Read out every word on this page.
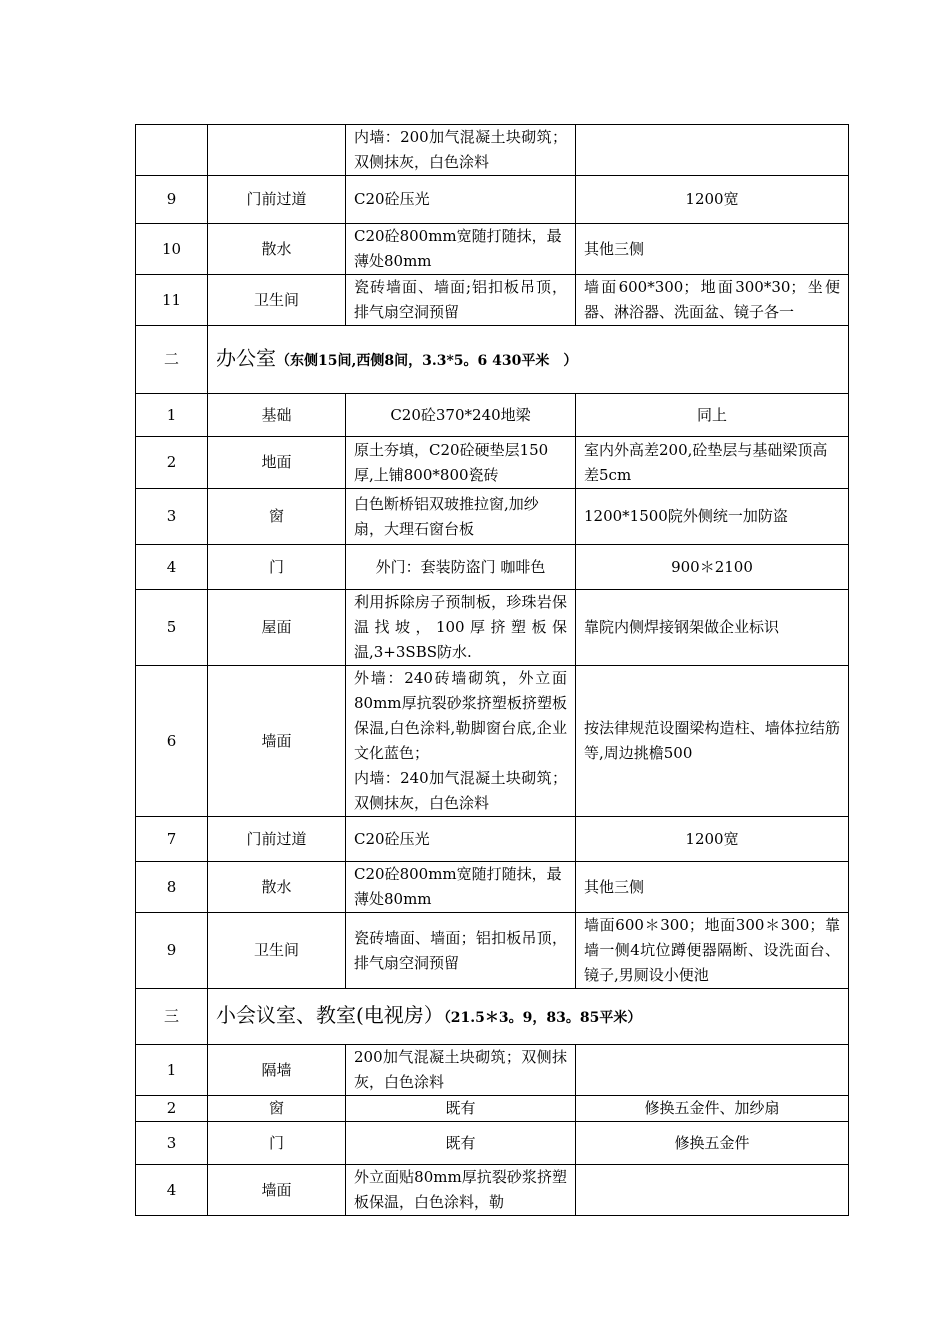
		内墙：200加气混凝土块砌筑；双侧抹灰，白色涂料	
9	门前过道	C20砼压光	1200宽
10	散水	C20砼800mm宽随打随抹，最薄处80mm	其他三侧
11	卫生间	瓷砖墙面、墙面;铝扣板吊顶，排气扇空洞预留	墙面600*300；地面300*30；坐便器、淋浴器、洗面盆、镜子各一
二	办公室（东侧15间,西侧8间，3.3*5。6 430平米　）		
1	基础	C20砼370*240地梁	同上
2	地面	原土夯填，C20砼硬垫层150厚,上铺800*800瓷砖	室内外高差200,砼垫层与基础梁顶高差5cm
3	窗	白色断桥铝双玻推拉窗,加纱扇，大理石窗台板	1200*1500院外侧统一加防盗
4	门	外门：套装防盗门 咖啡色	900＊2100
5	屋面	利用拆除房子预制板，珍珠岩保温找坡，100厚挤塑板保温,3+3SBS防水.	靠院内侧焊接钢架做企业标识
6	墙面	外墙：240砖墙砌筑，外立面80mm厚抗裂砂浆挤塑板挤塑板保温,白色涂料,勒脚窗台底,企业文化蓝色；
内墙：240加气混凝土块砌筑；双侧抹灰，白色涂料	按法律规范设圈梁构造柱、墙体拉结筋等,周边挑檐500
7	门前过道	C20砼压光	1200宽
8	散水	C20砼800mm宽随打随抹，最薄处80mm	其他三侧
9	卫生间	瓷砖墙面、墙面；铝扣板吊顶，排气扇空洞预留	墙面600＊300；地面300＊300；靠墙一侧4坑位蹲便器隔断、设洗面台、镜子,男厕设小便池
三	小会议室、教室(电视房）（21.5＊3。9，83。85平米）		
1	隔墙	200加气混凝土块砌筑；双侧抹灰，白色涂料	
2	窗	既有	修换五金件、加纱扇
3	门	既有	修换五金件
4	墙面	外立面贴80mm厚抗裂砂浆挤塑板保温，白色涂料，勒	
